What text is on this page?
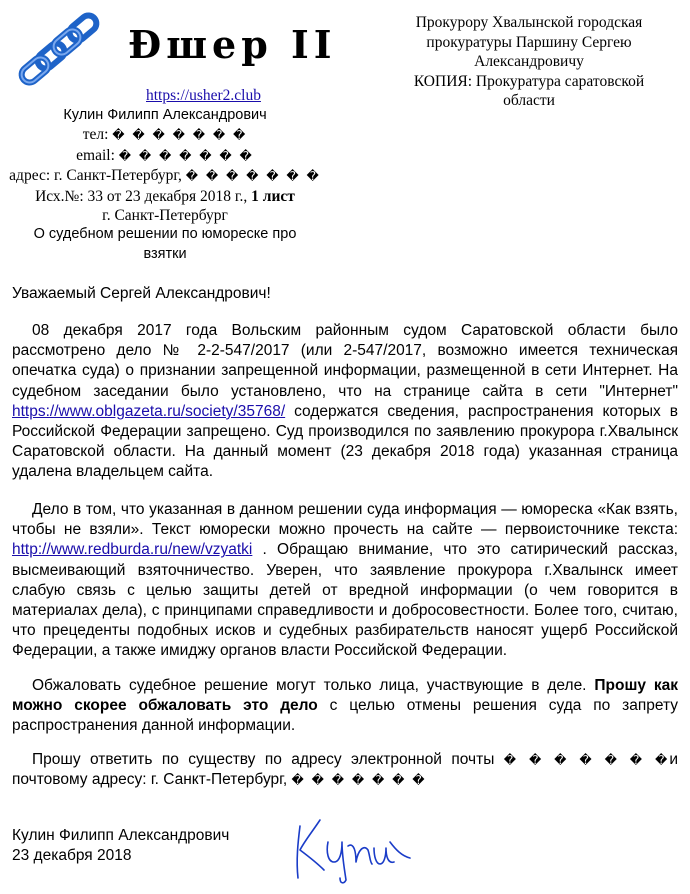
Ðшер II
https://usher2.club
Кулин Филипп Александрович
тел: � � � � � � �
email: � � � � � � �
адрес: г. Санкт-Петербург, � � � � � � �
Исх.№: 33 от 23 декабря 2018 г., 1 лист
г. Санкт-Петербург
О судебном решении по юмореске про
взятки
Прокурору Хвалынской городская
прокуратуры Паршину Сергею
Александровичу
КОПИЯ: Прокуратура саратовской
области
Уважаемый Сергей Александрович!
08 декабря 2017 года Вольским районным судом Саратовской области было рассмотрено дело № 2-2-547/2017 (или 2-547/2017, возможно имеется техническая опечатка суда) о признании запрещенной информации, размещенной в сети Интернет. На судебном заседании было установлено, что на странице сайта в сети "Интернет" https://www.oblgazeta.ru/society/35768/ содержатся сведения, распространения которых в Российской Федерации запрещено. Суд производился по заявлению прокурора г.Хвалынск Саратовской области. На данный момент (23 декабря 2018 года) указанная страница удалена владельцем сайта.
Дело в том, что указанная в данном решении суда информация — юмореска «Как взять, чтобы не взяли». Текст юморески можно прочесть на сайте — первоисточнике текста: http://www.redburda.ru/new/vzyatki . Обращаю внимание, что это сатирический рассказ, высмеивающий взяточничество. Уверен, что заявление прокурора г.Хвалынск имеет слабую связь с целью защиты детей от вредной информации (о чем говорится в материалах дела), с принципами справедливости и добросовестности. Более того, считаю, что прецеденты подобных исков и судебных разбирательств наносят ущерб Российской Федерации, а также имиджу органов власти Российской Федерации.
Обжаловать судебное решение могут только лица, участвующие в деле. Прошу как можно скорее обжаловать это дело с целью отмены решения суда по запрету распространения данной информации.
Прошу ответить по существу по адресу электронной почты � � � � � � �и почтовому адресу: г. Санкт-Петербург, � � � � � � �
Кулин Филипп Александрович
23 декабря 2018
